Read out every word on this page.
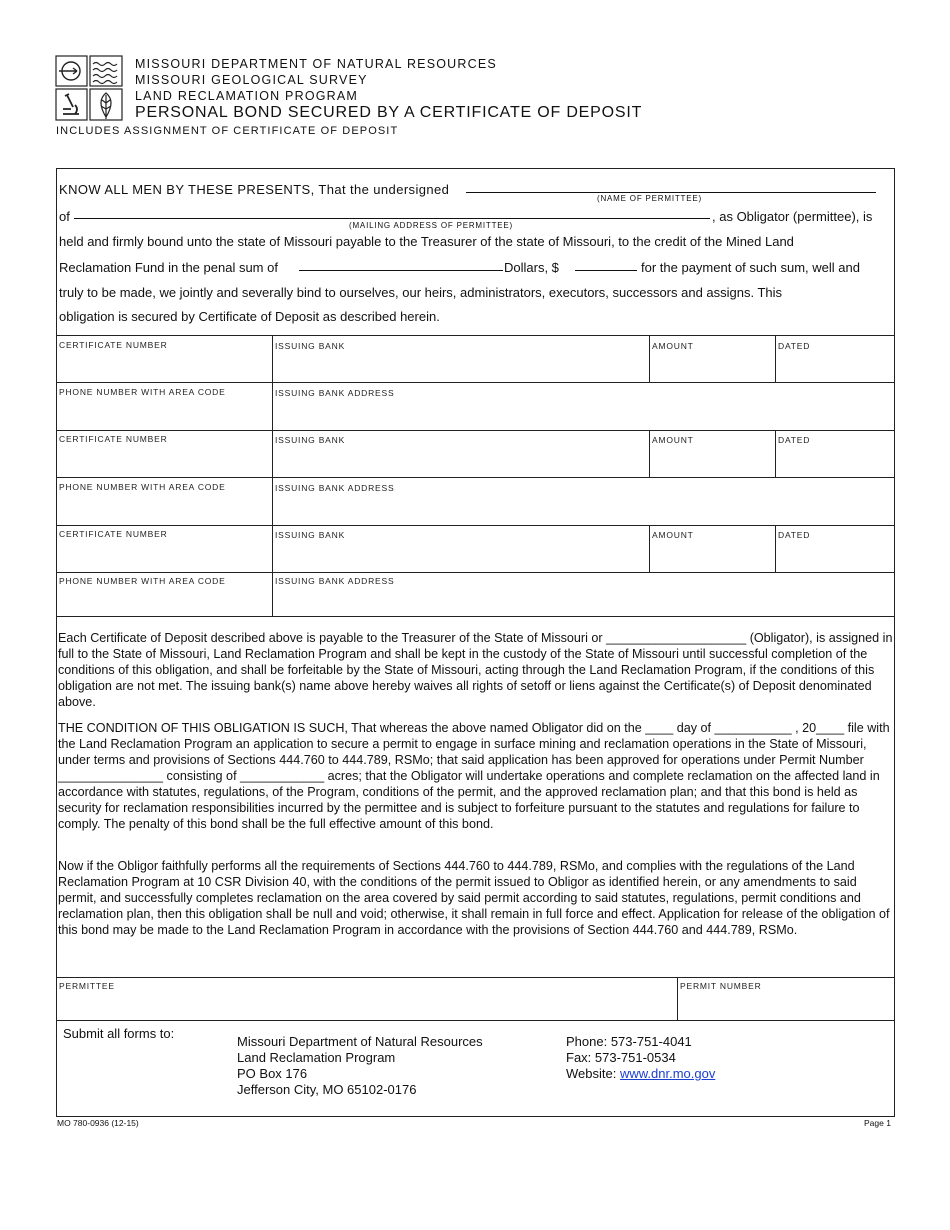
MISSOURI DEPARTMENT OF NATURAL RESOURCES
MISSOURI GEOLOGICAL SURVEY
LAND RECLAMATION PROGRAM
PERSONAL BOND SECURED BY A CERTIFICATE OF DEPOSIT
INCLUDES ASSIGNMENT OF CERTIFICATE OF DEPOSIT
KNOW ALL MEN BY THESE PRESENTS, That the undersigned
(NAME OF PERMITTEE)
of
(MAILING ADDRESS OF PERMITTEE)
, as Obligator (permittee), is
held and firmly bound unto the state of Missouri payable to the Treasurer of the state of Missouri, to the credit of the Mined Land
Reclamation Fund in the penal sum of	Dollars, $	for the payment of such sum, well and
truly to be made, we jointly and severally bind to ourselves, our heirs, administrators, executors, successors and assigns. This
obligation is secured by Certificate of Deposit as described herein.
CERTIFICATE NUMBER	ISSUING BANK	AMOUNT	DATED
PHONE NUMBER WITH AREA CODE	ISSUING BANK ADDRESS
CERTIFICATE NUMBER	ISSUING BANK	AMOUNT	DATED
PHONE NUMBER WITH AREA CODE	ISSUING BANK ADDRESS
CERTIFICATE NUMBER	ISSUING BANK	AMOUNT	DATED
PHONE NUMBER WITH AREA CODE	ISSUING BANK ADDRESS
Each Certificate of Deposit described above is payable to the Treasurer of the State of Missouri or ____________________ (Obligator), is assigned in full to the State of Missouri, Land Reclamation Program and shall be kept in the custody of the State of Missouri until successful completion of the conditions of this obligation, and shall be forfeitable by the State of Missouri, acting through the Land Reclamation Program, if the conditions of this obligation are not met. The issuing bank(s) name above hereby waives all rights of setoff or liens against the Certificate(s) of Deposit denominated above.
THE CONDITION OF THIS OBLIGATION IS SUCH, That whereas the above named Obligator did on the ____ day of ___________ , 20____ file with the Land Reclamation Program an application to secure a permit to engage in surface mining and reclamation operations in the State of Missouri, under terms and provisions of Sections 444.760 to 444.789, RSMo; that said application has been approved for operations under Permit Number _______________ consisting of ____________ acres; that the Obligator will undertake operations and complete reclamation on the affected land in accordance with statutes, regulations, of the Program, conditions of the permit, and the approved reclamation plan; and that this bond is held as security for reclamation responsibilities incurred by the permittee and is subject to forfeiture pursuant to the statutes and regulations for failure to comply. The penalty of this bond shall be the full effective amount of this bond.
Now if the Obligor faithfully performs all the requirements of Sections 444.760 to 444.789, RSMo, and complies with the regulations of the Land Reclamation Program at 10 CSR Division 40, with the conditions of the permit issued to Obligor as identified herein, or any amendments to said permit, and successfully completes reclamation on the area covered by said permit according to said statutes, regulations, permit conditions and reclamation plan, then this obligation shall be null and void; otherwise, it shall remain in full force and effect. Application for release of the obligation of this bond may be made to the Land Reclamation Program in accordance with the provisions of Section 444.760 and 444.789, RSMo.
PERMITTEE	PERMIT NUMBER
Submit all forms to:
Missouri Department of Natural Resources
Land Reclamation Program
PO Box 176
Jefferson City, MO 65102-0176
Phone: 573-751-4041
Fax: 573-751-0534
Website: www.dnr.mo.gov
MO 780-0936 (12-15)	Page 1
